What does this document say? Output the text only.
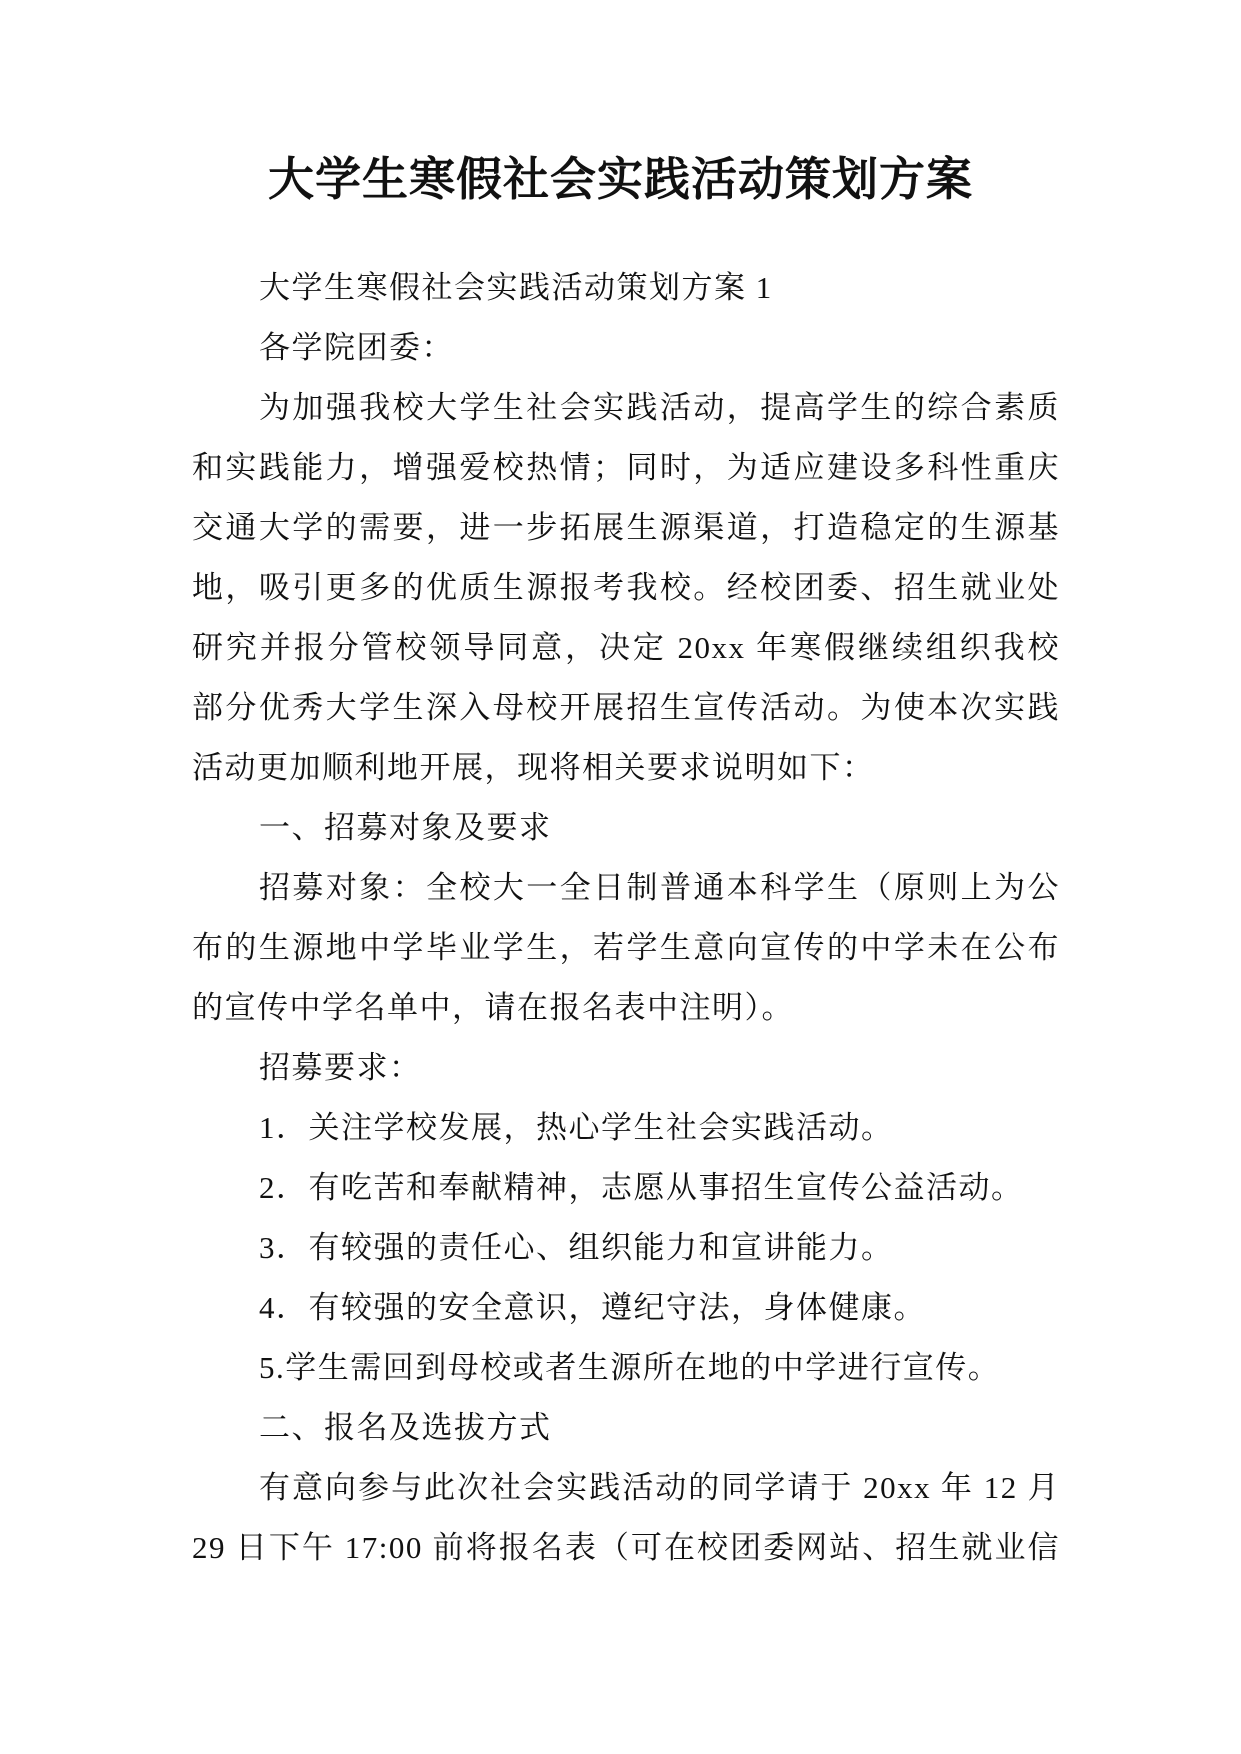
大学生寒假社会实践活动策划方案
大学生寒假社会实践活动策划方案 1
各学院团委：
为加强我校大学生社会实践活动，提高学生的综合素质
和实践能力，增强爱校热情；同时，为适应建设多科性重庆
交通大学的需要，进一步拓展生源渠道，打造稳定的生源基
地，吸引更多的优质生源报考我校。经校团委、招生就业处
研究并报分管校领导同意，决定 20xx 年寒假继续组织我校
部分优秀大学生深入母校开展招生宣传活动。为使本次实践
活动更加顺利地开展，现将相关要求说明如下：
一、招募对象及要求
招募对象：全校大一全日制普通本科学生（原则上为公
布的生源地中学毕业学生，若学生意向宣传的中学未在公布
的宣传中学名单中，请在报名表中注明）。
招募要求：
1．关注学校发展，热心学生社会实践活动。
2．有吃苦和奉献精神，志愿从事招生宣传公益活动。
3．有较强的责任心、组织能力和宣讲能力。
4．有较强的安全意识，遵纪守法，身体健康。
5.学生需回到母校或者生源所在地的中学进行宣传。
二、报名及选拔方式
有意向参与此次社会实践活动的同学请于 20xx 年 12 月
29 日下午 17:00 前将报名表（可在校团委网站、招生就业信
